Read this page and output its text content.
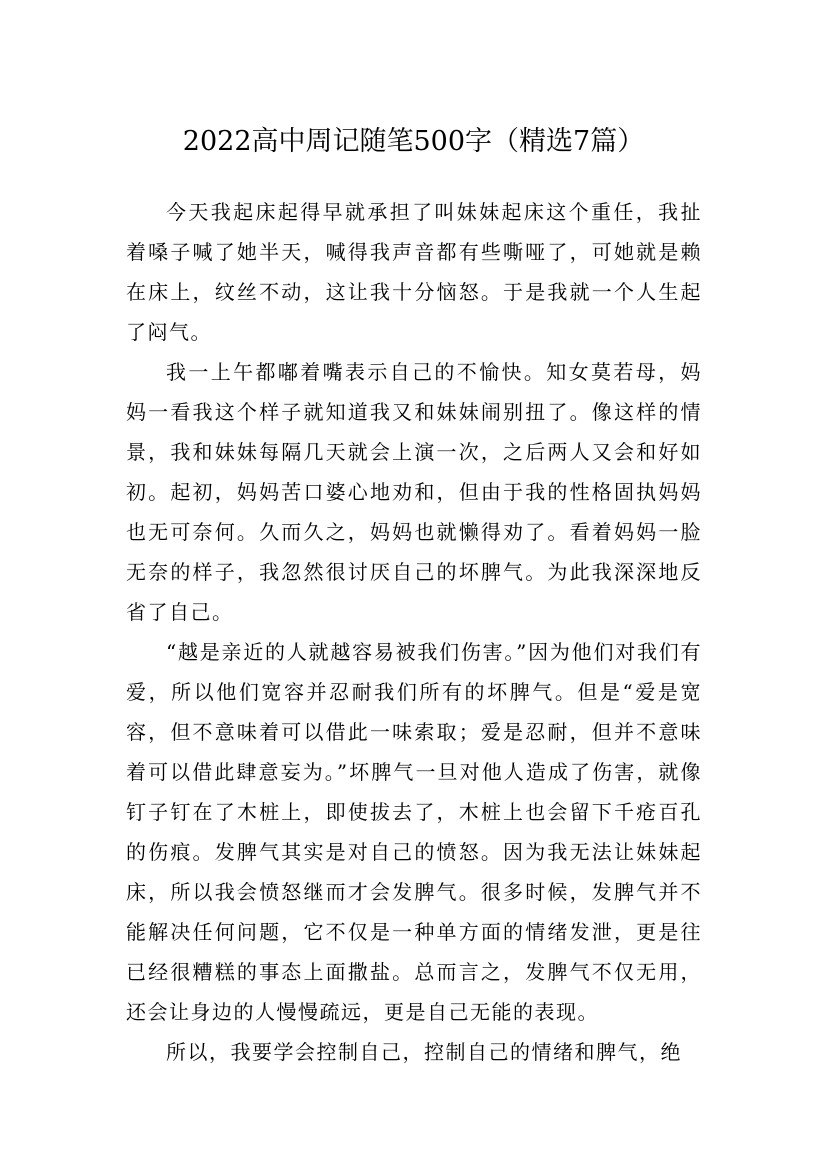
2022高中周记随笔500字（精选7篇）

今天我起床起得早就承担了叫妹妹起床这个重任，我扯着嗓子喊了她半天，喊得我声音都有些嘶哑了，可她就是赖在床上，纹丝不动，这让我十分恼怒。于是我就一个人生起了闷气。

我一上午都嘟着嘴表示自己的不愉快。知女莫若母，妈妈一看我这个样子就知道我又和妹妹闹别扭了。像这样的情景，我和妹妹每隔几天就会上演一次，之后两人又会和好如初。起初，妈妈苦口婆心地劝和，但由于我的性格固执妈妈也无可奈何。久而久之，妈妈也就懒得劝了。看着妈妈一脸无奈的样子，我忽然很讨厌自己的坏脾气。为此我深深地反省了自己。

“越是亲近的人就越容易被我们伤害。”因为他们对我们有爱，所以他们宽容并忍耐我们所有的坏脾气。但是“爱是宽容，但不意味着可以借此一味索取；爱是忍耐，但并不意味着可以借此肆意妄为。”坏脾气一旦对他人造成了伤害，就像钉子钉在了木桩上，即使拔去了，木桩上也会留下千疮百孔的伤痕。发脾气其实是对自己的愤怒。因为我无法让妹妹起床，所以我会愤怒继而才会发脾气。很多时候，发脾气并不能解决任何问题，它不仅是一种单方面的情绪发泄，更是往已经很糟糕的事态上面撒盐。总而言之，发脾气不仅无用，还会让身边的人慢慢疏远，更是自己无能的表现。

所以，我要学会控制自己，控制自己的情绪和脾气，绝
